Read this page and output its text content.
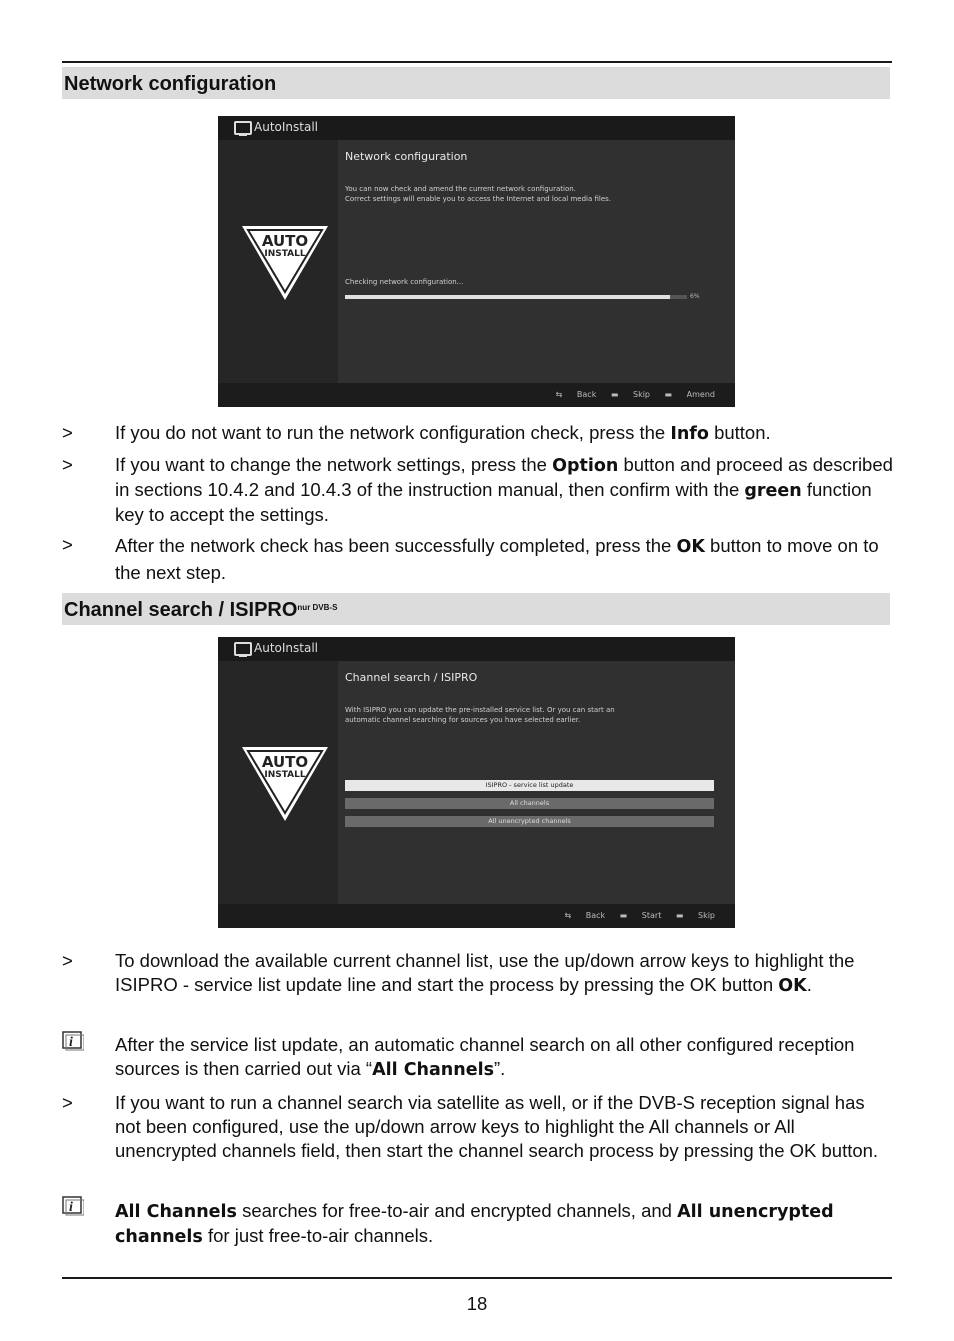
Network configuration
AutoInstall
AUTO
INSTALL
Network configuration
You can now check and amend the current network configuration.
Correct settings will enable you to access the Internet and local media files.
Checking network configuration...
6%
⇆ Back ▬ Skip ▬ Amend
> If you do not want to run the network configuration check, press the Info button.
> If you want to change the network settings, press the Option button and proceed as described in sections 10.4.2 and 10.4.3 of the instruction manual, then confirm with the green function key to accept the settings.
> After the network check has been successfully completed, press the OK button to move on to the next step.
Channel search / $ISIPRO^{nur DVB-S}$
AutoInstall
AUTO
INSTALL
Channel search / ISIPRO
With ISIPRO you can update the pre-installed service list. Or you can start an
automatic channel searching for sources you have selected earlier.
ISIPRO - service list update
All channels
All unencrypted channels
⇆ Back ▬ Start ▬ Skip
> To download the available current channel list, use the up/down arrow keys to highlight the ISIPRO - service list update line and start the process by pressing the OK button OK.
i After the service list update, an automatic channel search on all other configured reception sources is then carried out via “All Channels”.
> If you want to run a channel search via satellite as well, or if the DVB-S reception signal has not been configured, use the up/down arrow keys to highlight the All channels or All unencrypted channels field, then start the channel search process by pressing the OK button.
i All Channels searches for free-to-air and encrypted channels, and All unencrypted channels for just free-to-air channels.
18
